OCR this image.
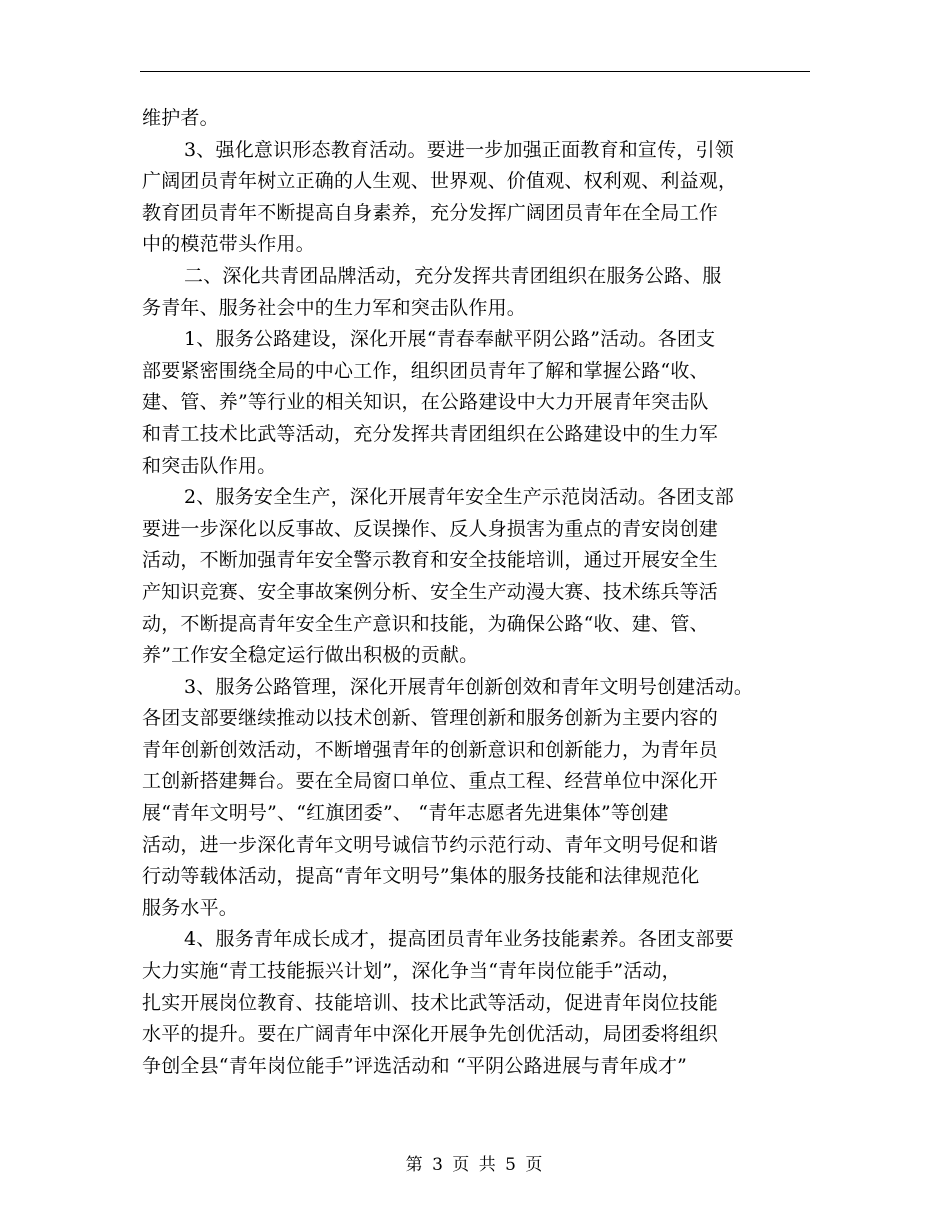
维护者。
3、强化意识形态教育活动。要进一步加强正面教育和宣传，引领
广阔团员青年树立正确的人生观、世界观、价值观、权利观、利益观，
教育团员青年不断提高自身素养，充分发挥广阔团员青年在全局工作
中的模范带头作用。
二、深化共青团品牌活动，充分发挥共青团组织在服务公路、服
务青年、服务社会中的生力军和突击队作用。
1、服务公路建设，深化开展“青春奉献平阴公路”活动。各团支
部要紧密围绕全局的中心工作，组织团员青年了解和掌握公路“收、
建、管、养”等行业的相关知识，在公路建设中大力开展青年突击队
和青工技术比武等活动，充分发挥共青团组织在公路建设中的生力军
和突击队作用。
2、服务安全生产，深化开展青年安全生产示范岗活动。各团支部
要进一步深化以反事故、反误操作、反人身损害为重点的青安岗创建
活动，不断加强青年安全警示教育和安全技能培训，通过开展安全生
产知识竞赛、安全事故案例分析、安全生产动漫大赛、技术练兵等活
动，不断提高青年安全生产意识和技能，为确保公路“收、建、管、
养”工作安全稳定运行做出积极的贡献。
3、服务公路管理，深化开展青年创新创效和青年文明号创建活动。
各团支部要继续推动以技术创新、管理创新和服务创新为主要内容的
青年创新创效活动，不断增强青年的创新意识和创新能力，为青年员
工创新搭建舞台。要在全局窗口单位、重点工程、经营单位中深化开
展“青年文明号”、“红旗团委”、 “青年志愿者先进集体”等创建
活动，进一步深化青年文明号诚信节约示范行动、青年文明号促和谐
行动等载体活动，提高“青年文明号”集体的服务技能和法律规范化
服务水平。
4、服务青年成长成才，提高团员青年业务技能素养。各团支部要
大力实施“青工技能振兴计划”，深化争当“青年岗位能手”活动，
扎实开展岗位教育、技能培训、技术比武等活动，促进青年岗位技能
水平的提升。要在广阔青年中深化开展争先创优活动，局团委将组织
争创全县“青年岗位能手”评选活动和 “平阴公路进展与青年成才”
第 3 页 共 5 页
